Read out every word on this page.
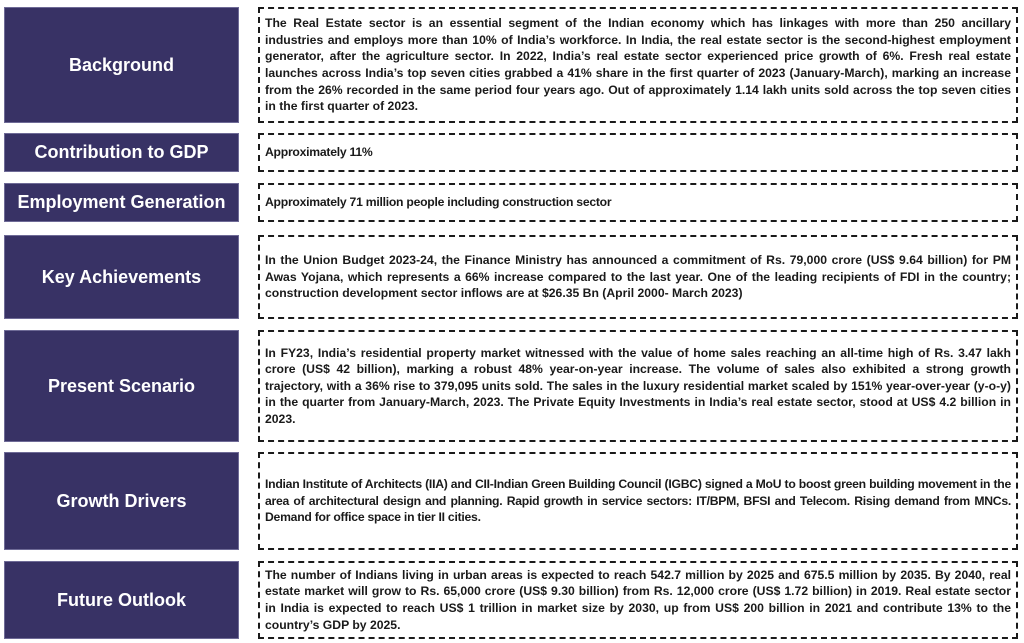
Background

The Real Estate sector is an essential segment of the Indian economy which has linkages with more than 250 ancillary industries and employs more than 10% of India’s workforce. In India, the real estate sector is the second-highest employment generator, after the agriculture sector. In 2022, India’s real estate sector experienced price growth of 6%. Fresh real estate launches across India’s top seven cities grabbed a 41% share in the first quarter of 2023 (January-March), marking an increase from the 26% recorded in the same period four years ago. Out of approximately 1.14 lakh units sold across the top seven cities in the first quarter of 2023.

Contribution to GDP	Approximately 11%

Employment Generation	Approximately 71 million people including construction sector

Key Achievements

In the Union Budget 2023-24, the Finance Ministry has announced a commitment of Rs. 79,000 crore (US$ 9.64 billion) for PM Awas Yojana, which represents a 66% increase compared to the last year. One of the leading recipients of FDI in the country; construction development sector inflows are at $26.35 Bn (April 2000- March 2023)

Present Scenario

In FY23, India’s residential property market witnessed with the value of home sales reaching an all-time high of Rs. 3.47 lakh crore (US$ 42 billion), marking a robust 48% year-on-year increase. The volume of sales also exhibited a strong growth trajectory, with a 36% rise to 379,095 units sold. The sales in the luxury residential market scaled by 151% year-over-year (y-o-y) in the quarter from January-March, 2023. The Private Equity Investments in India’s real estate sector, stood at US$ 4.2 billion in 2023.

Growth Drivers

Indian Institute of Architects (IIA) and CII-Indian Green Building Council (IGBC) signed a MoU to boost green building movement in the area of architectural design and planning. Rapid growth in service sectors: IT/BPM, BFSI and Telecom. Rising demand from MNCs. Demand for office space in tier II cities.

Future Outlook

The number of Indians living in urban areas is expected to reach 542.7 million by 2025 and 675.5 million by 2035. By 2040, real estate market will grow to Rs. 65,000 crore (US$ 9.30 billion) from Rs. 12,000 crore (US$ 1.72 billion) in 2019. Real estate sector in India is expected to reach US$ 1 trillion in market size by 2030, up from US$ 200 billion in 2021 and contribute 13% to the country’s GDP by 2025.
